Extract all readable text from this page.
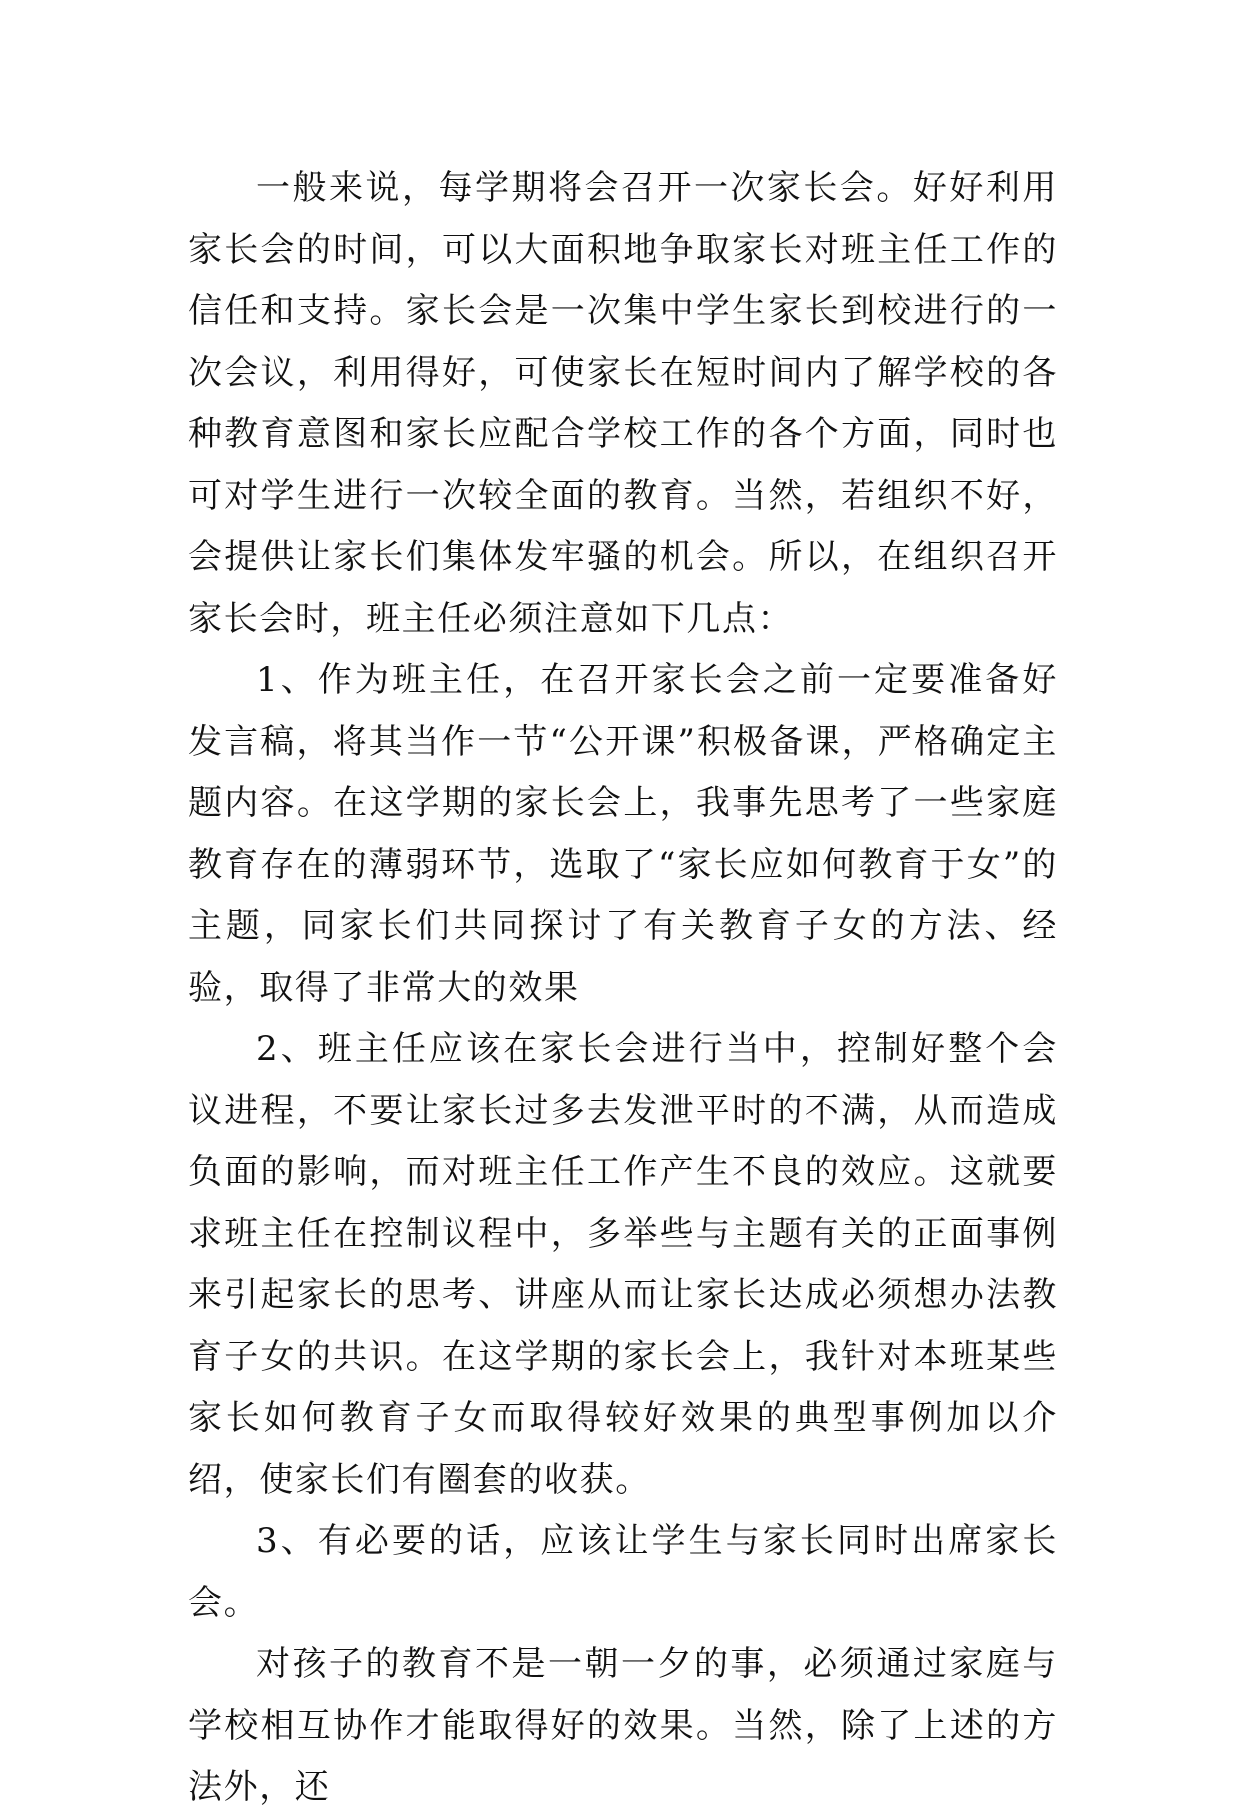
一般来说，每学期将会召开一次家长会。好好利用家长会的时间，可以大面积地争取家长对班主任工作的信任和支持。家长会是一次集中学生家长到校进行的一次会议，利用得好，可使家长在短时间内了解学校的各种教育意图和家长应配合学校工作的各个方面，同时也可对学生进行一次较全面的教育。当然，若组织不好，会提供让家长们集体发牢骚的机会。所以，在组织召开家长会时，班主任必须注意如下几点：

1、作为班主任，在召开家长会之前一定要准备好发言稿，将其当作一节“公开课”积极备课，严格确定主题内容。在这学期的家长会上，我事先思考了一些家庭教育存在的薄弱环节，选取了“家长应如何教育于女”的主题，同家长们共同探讨了有关教育子女的方法、经验，取得了非常大的效果

2、班主任应该在家长会进行当中，控制好整个会议进程，不要让家长过多去发泄平时的不满，从而造成负面的影响，而对班主任工作产生不良的效应。这就要求班主任在控制议程中，多举些与主题有关的正面事例来引起家长的思考、讲座从而让家长达成必须想办法教育子女的共识。在这学期的家长会上，我针对本班某些家长如何教育子女而取得较好效果的典型事例加以介绍，使家长们有圈套的收获。

3、有必要的话，应该让学生与家长同时出席家长会。

对孩子的教育不是一朝一夕的事，必须通过家庭与学校相互协作才能取得好的效果。当然，除了上述的方法外，还
